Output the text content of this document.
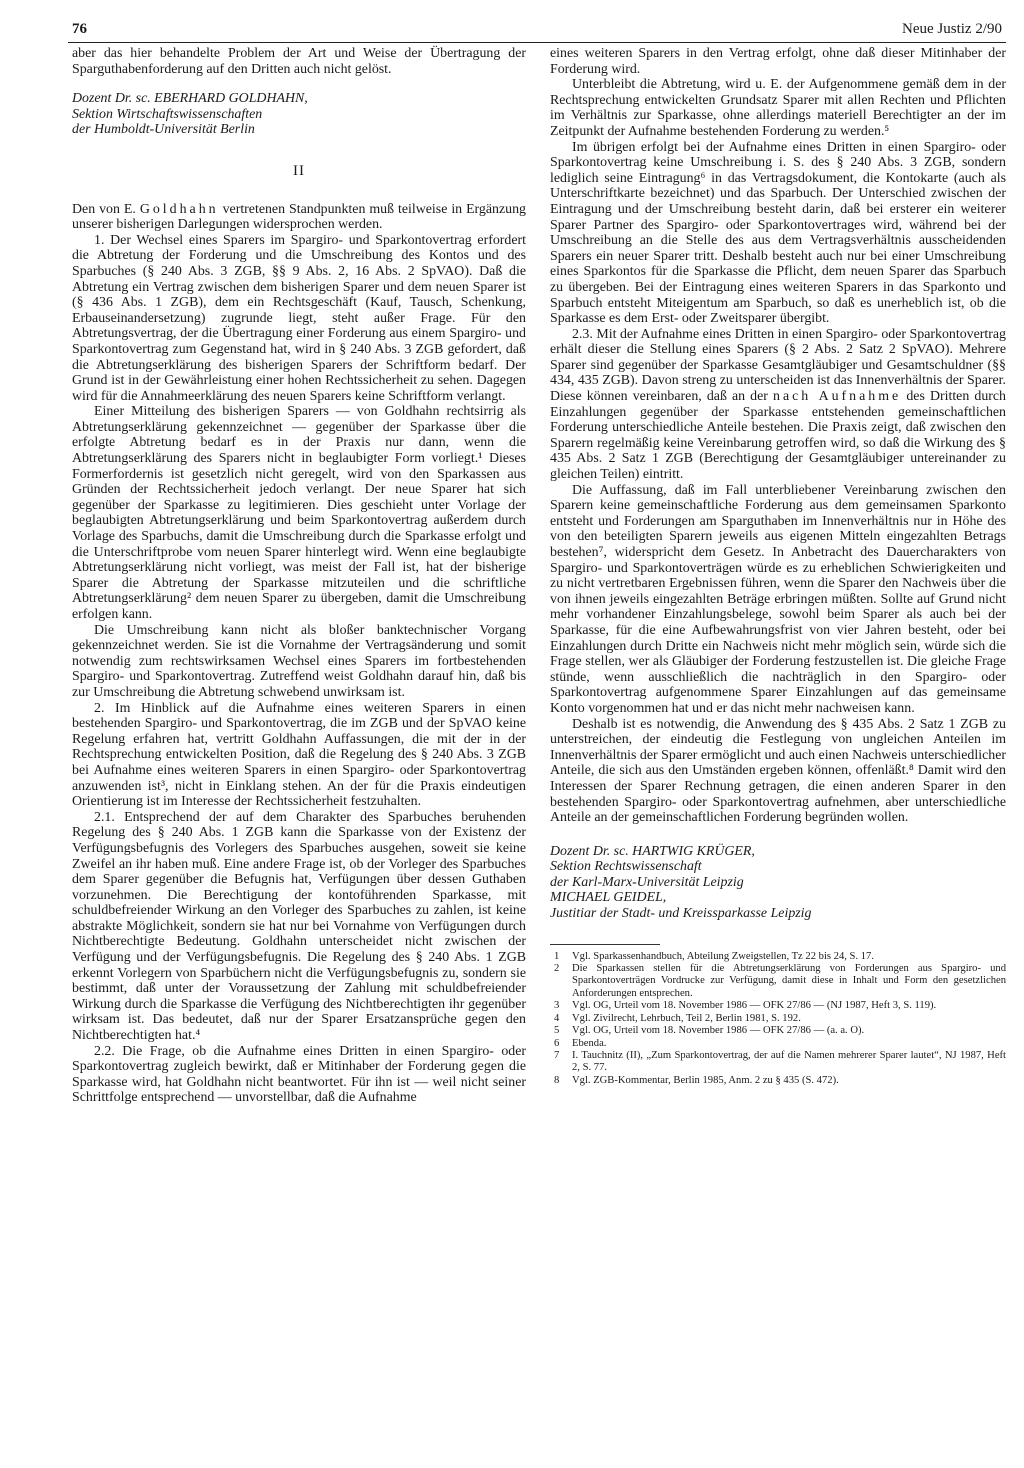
76	Neue Justiz 2/90

aber das hier behandelte Problem der Art und Weise der Übertragung der Sparguthabenforderung auf den Dritten auch nicht gelöst.

Dozent Dr. sc. EBERHARD GOLDHAHN,
Sektion Wirtschaftswissenschaften
der Humboldt-Universität Berlin
II

Den von E. Goldhahn vertretenen Standpunkten muß teilweise in Ergänzung unserer bisherigen Darlegungen widersprochen werden.

1. Der Wechsel eines Sparers im Spargiro- und Sparkontovertrag erfordert die Abtretung der Forderung und die Umschreibung des Kontos und des Sparbuches (§ 240 Abs. 3 ZGB, §§ 9 Abs. 2, 16 Abs. 2 SpVAO). Daß die Abtretung ein Vertrag zwischen dem bisherigen Sparer und dem neuen Sparer ist (§ 436 Abs. 1 ZGB), dem ein Rechtsgeschäft (Kauf, Tausch, Schenkung, Erbauseinandersetzung) zugrunde liegt, steht außer Frage. Für den Abtretungsvertrag, der die Übertragung einer Forderung aus einem Spargiro- und Sparkontovertrag zum Gegenstand hat, wird in § 240 Abs. 3 ZGB gefordert, daß die Abtretungserklärung des bisherigen Sparers der Schriftform bedarf. Der Grund ist in der Gewährleistung einer hohen Rechtssicherheit zu sehen. Dagegen wird für die Annahmeerklärung des neuen Sparers keine Schriftform verlangt.

Einer Mitteilung des bisherigen Sparers — von Goldhahn rechtsirrig als Abtretungserklärung gekennzeichnet — gegenüber der Sparkasse über die erfolgte Abtretung bedarf es in der Praxis nur dann, wenn die Abtretungserklärung des Sparers nicht in beglaubigter Form vorliegt.¹ Dieses Formerfordernis ist gesetzlich nicht geregelt, wird von den Sparkassen aus Gründen der Rechtssicherheit jedoch verlangt. Der neue Sparer hat sich gegenüber der Sparkasse zu legitimieren. Dies geschieht unter Vorlage der beglaubigten Abtretungserklärung und beim Sparkontovertrag außerdem durch Vorlage des Sparbuchs, damit die Umschreibung durch die Sparkasse erfolgt und die Unterschriftprobe vom neuen Sparer hinterlegt wird. Wenn eine beglaubigte Abtretungserklärung nicht vorliegt, was meist der Fall ist, hat der bisherige Sparer die Abtretung der Sparkasse mitzuteilen und die schriftliche Abtretungserklärung² dem neuen Sparer zu übergeben, damit die Umschreibung erfolgen kann.

Die Umschreibung kann nicht als bloßer banktechnischer Vorgang gekennzeichnet werden. Sie ist die Vornahme der Vertragsänderung und somit notwendig zum rechtswirksamen Wechsel eines Sparers im fortbestehenden Spargiro- und Sparkontovertrag. Zutreffend weist Goldhahn darauf hin, daß bis zur Umschreibung die Abtretung schwebend unwirksam ist.

2. Im Hinblick auf die Aufnahme eines weiteren Sparers in einen bestehenden Spargiro- und Sparkontovertrag, die im ZGB und der SpVAO keine Regelung erfahren hat, vertritt Goldhahn Auffassungen, die mit der in der Rechtsprechung entwickelten Position, daß die Regelung des § 240 Abs. 3 ZGB bei Aufnahme eines weiteren Sparers in einen Spargiro- oder Sparkontovertrag anzuwenden ist³, nicht in Einklang stehen. An der für die Praxis eindeutigen Orientierung ist im Interesse der Rechtssicherheit festzuhalten.

2.1. Entsprechend der auf dem Charakter des Sparbuches beruhenden Regelung des § 240 Abs. 1 ZGB kann die Sparkasse von der Existenz der Verfügungsbefugnis des Vorlegers des Sparbuches ausgehen, soweit sie keine Zweifel an ihr haben muß. Eine andere Frage ist, ob der Vorleger des Sparbuches dem Sparer gegenüber die Befugnis hat, Verfügungen über dessen Guthaben vorzunehmen. Die Berechtigung der kontoführenden Sparkasse, mit schuldbefreiender Wirkung an den Vorleger des Sparbuches zu zahlen, ist keine abstrakte Möglichkeit, sondern sie hat nur bei Vornahme von Verfügungen durch Nichtberechtigte Bedeutung. Goldhahn unterscheidet nicht zwischen der Verfügung und der Verfügungsbefugnis. Die Regelung des § 240 Abs. 1 ZGB erkennt Vorlegern von Sparbüchern nicht die Verfügungsbefugnis zu, sondern sie bestimmt, daß unter der Voraussetzung der Zahlung mit schuldbefreiender Wirkung durch die Sparkasse die Verfügung des Nichtberechtigten ihr gegenüber wirksam ist. Das bedeutet, daß nur der Sparer Ersatzansprüche gegen den Nichtberechtigten hat.⁴

2.2. Die Frage, ob die Aufnahme eines Dritten in einen Spargiro- oder Sparkontovertrag zugleich bewirkt, daß er Mitinhaber der Forderung gegen die Sparkasse wird, hat Goldhahn nicht beantwortet. Für ihn ist — weil nicht seiner Schrittfolge entsprechend — unvorstellbar, daß die Aufnahme

eines weiteren Sparers in den Vertrag erfolgt, ohne daß dieser Mitinhaber der Forderung wird.

Unterbleibt die Abtretung, wird u. E. der Aufgenommene gemäß dem in der Rechtsprechung entwickelten Grundsatz Sparer mit allen Rechten und Pflichten im Verhältnis zur Sparkasse, ohne allerdings materiell Berechtigter an der im Zeitpunkt der Aufnahme bestehenden Forderung zu werden.⁵

Im übrigen erfolgt bei der Aufnahme eines Dritten in einen Spargiro- oder Sparkontovertrag keine Umschreibung i. S. des § 240 Abs. 3 ZGB, sondern lediglich seine Eintragung⁶ in das Vertragsdokument, die Kontokarte (auch als Unterschriftkarte bezeichnet) und das Sparbuch. Der Unterschied zwischen der Eintragung und der Umschreibung besteht darin, daß bei ersterer ein weiterer Sparer Partner des Spargiro- oder Sparkontovertrages wird, während bei der Umschreibung an die Stelle des aus dem Vertragsverhältnis ausscheidenden Sparers ein neuer Sparer tritt. Deshalb besteht auch nur bei einer Umschreibung eines Sparkontos für die Sparkasse die Pflicht, dem neuen Sparer das Sparbuch zu übergeben. Bei der Eintragung eines weiteren Sparers in das Sparkonto und Sparbuch entsteht Miteigentum am Sparbuch, so daß es unerheblich ist, ob die Sparkasse es dem Erst- oder Zweitsparer übergibt.

2.3. Mit der Aufnahme eines Dritten in einen Spargiro- oder Sparkontovertrag erhält dieser die Stellung eines Sparers (§ 2 Abs. 2 Satz 2 SpVAO). Mehrere Sparer sind gegenüber der Sparkasse Gesamtgläubiger und Gesamtschuldner (§§ 434, 435 ZGB). Davon streng zu unterscheiden ist das Innenverhältnis der Sparer. Diese können vereinbaren, daß an der nach Aufnahme des Dritten durch Einzahlungen gegenüber der Sparkasse entstehenden gemeinschaftlichen Forderung unterschiedliche Anteile bestehen. Die Praxis zeigt, daß zwischen den Sparern regelmäßig keine Vereinbarung getroffen wird, so daß die Wirkung des § 435 Abs. 2 Satz 1 ZGB (Berechtigung der Gesamtgläubiger untereinander zu gleichen Teilen) eintritt.

Die Auffassung, daß im Fall unterbliebener Vereinbarung zwischen den Sparern keine gemeinschaftliche Forderung aus dem gemeinsamen Sparkonto entsteht und Forderungen am Sparguthaben im Innenverhältnis nur in Höhe des von den beteiligten Sparern jeweils aus eigenen Mitteln eingezahlten Betrags bestehen⁷, widerspricht dem Gesetz. In Anbetracht des Dauercharakters von Spargiro- und Sparkontoverträgen würde es zu erheblichen Schwierigkeiten und zu nicht vertretbaren Ergebnissen führen, wenn die Sparer den Nachweis über die von ihnen jeweils eingezahlten Beträge erbringen müßten. Sollte auf Grund nicht mehr vorhandener Einzahlungsbelege, sowohl beim Sparer als auch bei der Sparkasse, für die eine Aufbewahrungsfrist von vier Jahren besteht, oder bei Einzahlungen durch Dritte ein Nachweis nicht mehr möglich sein, würde sich die Frage stellen, wer als Gläubiger der Forderung festzustellen ist. Die gleiche Frage stünde, wenn ausschließlich die nachträglich in den Spargiro- oder Sparkontovertrag aufgenommene Sparer Einzahlungen auf das gemeinsame Konto vorgenommen hat und er das nicht mehr nachweisen kann.

Deshalb ist es notwendig, die Anwendung des § 435 Abs. 2 Satz 1 ZGB zu unterstreichen, der eindeutig die Festlegung von ungleichen Anteilen im Innenverhältnis der Sparer ermöglicht und auch einen Nachweis unterschiedlicher Anteile, die sich aus den Umständen ergeben können, offenläßt.⁸ Damit wird den Interessen der Sparer Rechnung getragen, die einen anderen Sparer in den bestehenden Spargiro- oder Sparkontovertrag aufnehmen, aber unterschiedliche Anteile an der gemeinschaftlichen Forderung begründen wollen.

Dozent Dr. sc. HARTWIG KRÜGER,
Sektion Rechtswissenschaft
der Karl-Marx-Universität Leipzig
MICHAEL GEIDEL,
Justitiar der Stadt- und Kreissparkasse Leipzig
1	Vgl. Sparkassenhandbuch, Abteilung Zweigstellen, Tz 22 bis 24, S. 17.
2	Die Sparkassen stellen für die Abtretungserklärung von Forderungen aus Spargiro- und Sparkontoverträgen Vordrucke zur Verfügung, damit diese in Inhalt und Form den gesetzlichen Anforderungen entsprechen.
3	Vgl. OG, Urteil vom 18. November 1986 — OFK 27/86 — (NJ 1987, Heft 3, S. 119).
4	Vgl. Zivilrecht, Lehrbuch, Teil 2, Berlin 1981, S. 192.
5	Vgl. OG, Urteil vom 18. November 1986 — OFK 27/86 — (a. a. O).
6	Ebenda.
7	I. Tauchnitz (II), „Zum Sparkontovertrag, der auf die Namen mehrerer Sparer lautet“, NJ 1987, Heft 2, S. 77.
8	Vgl. ZGB-Kommentar, Berlin 1985, Anm. 2 zu § 435 (S. 472).
